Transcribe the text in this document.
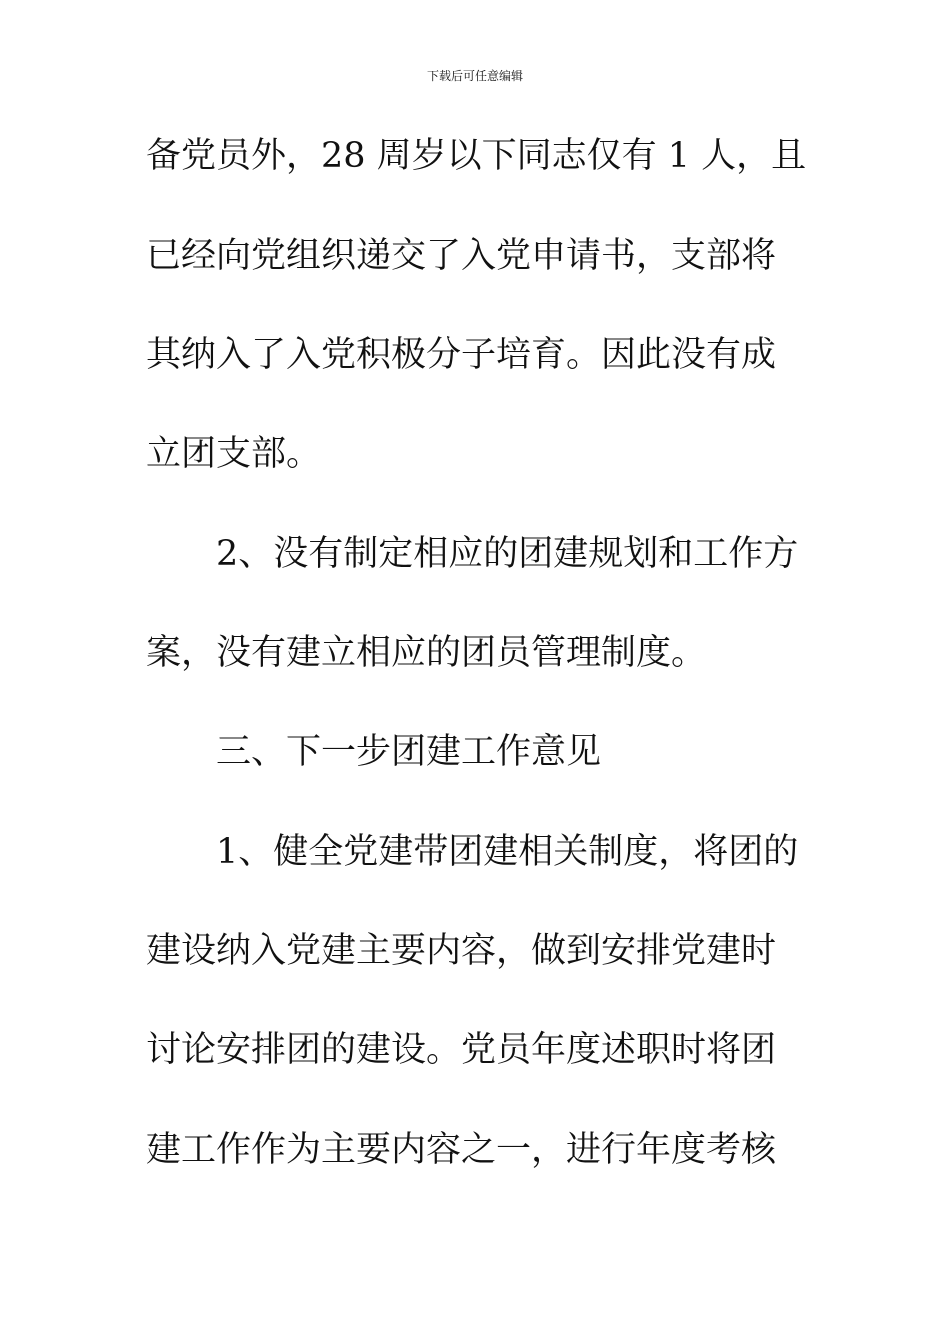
下载后可任意编辑
备党员外，28 周岁以下同志仅有 1 人，且
已经向党组织递交了入党申请书，支部将
其纳入了入党积极分子培育。因此没有成
立团支部。
2、没有制定相应的团建规划和工作方
案，没有建立相应的团员管理制度。
三、下一步团建工作意见
1、健全党建带团建相关制度，将团的
建设纳入党建主要内容，做到安排党建时
讨论安排团的建设。党员年度述职时将团
建工作作为主要内容之一，进行年度考核
